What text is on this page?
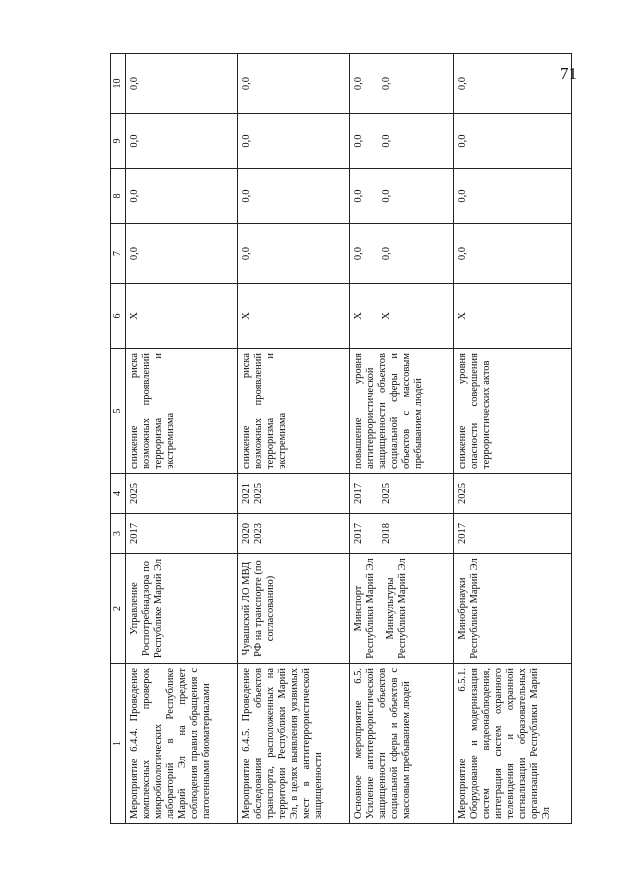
71
1	2	3	4	5	6	7	8	9	10
Мероприятие 6.4.4. Проведение комплексных проверок микробиологических лабораторий в Республике Марий Эл на предмет соблюдения правил обращения с патогенными биоматериалами	Управление Роспотребнадзора по Республике Марий Эл	2017	2025	снижение риска возможных проявлений терроризма и экстремизма	X	0,0	0,0	0,0	0,0

Мероприятие 6.4.5. Проведение обследования объектов транспорта, расположенных на территории Республики Марий Эл, в целях выявления уязвимых мест в антитеррористической защищенности	Чувашский ЛО МВД РФ на транспорте (по согласованию)	2020 2023	2021 2025	снижение риска возможных проявлений терроризма и экстремизма	X	0,0	0,0	0,0	0,0

Основное мероприятие 6.5. Усиление антитеррористической защищенности объектов социальной сферы и объектов с массовым пребыванием людей	Минспорт Республики Марий Эл Минкультуры Республики Марий Эл	2017 2018	2017 2025	повышение уровня антитеррористической защищенности объектов социальной сферы и объектов с массовым пребыванием людей	X X	0,0 0,0	0,0 0,0	0,0 0,0	0,0 0,0

Мероприятие 6.5.1. Оборудование и модернизация систем видеонаблюдения, интеграция систем охранного телевидения и охранной сигнализации образовательных организаций Республики Марий Эл	Минобрнауки Республики Марий Эл	2017	2025	снижение уровня опасности совершения террористических актов	X	0,0	0,0	0,0	0,0
